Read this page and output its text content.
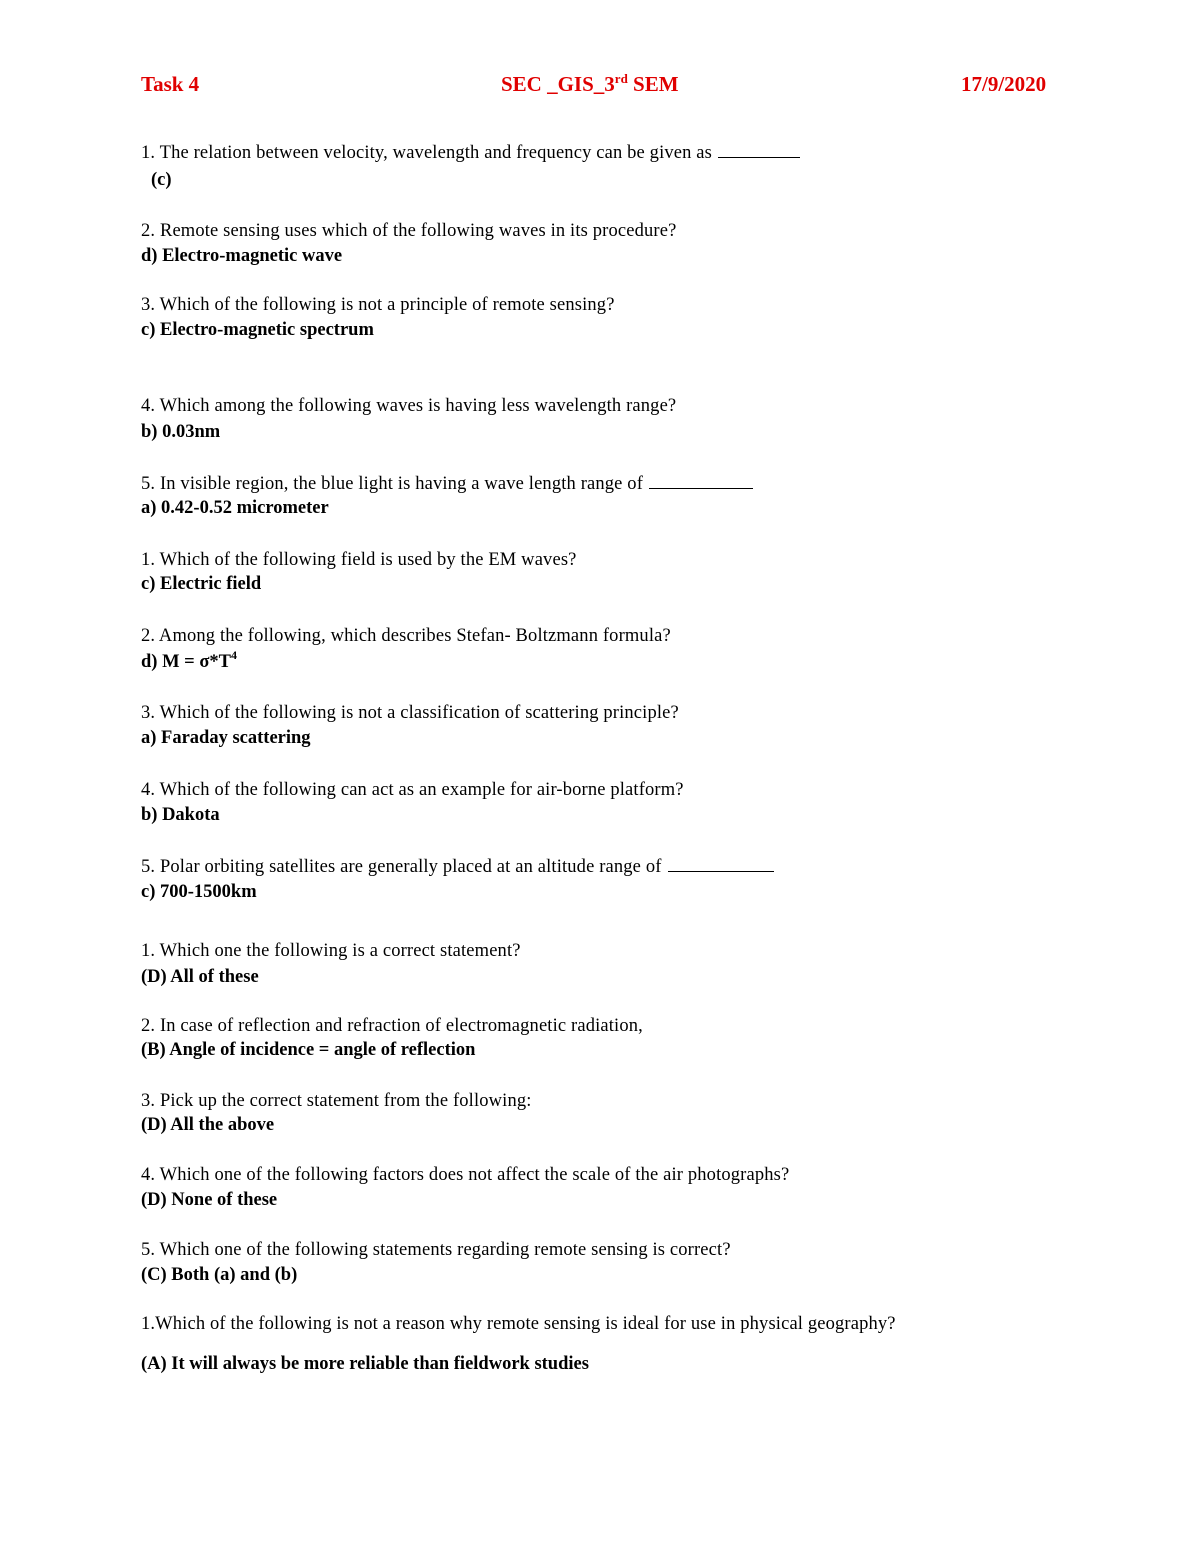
Task 4	SEC _GIS_3rd SEM	17/9/2020
1. The relation between velocity, wavelength and frequency can be given as
(c)
2. Remote sensing uses which of the following waves in its procedure?
d) Electro-magnetic wave
3. Which of the following is not a principle of remote sensing?
c) Electro-magnetic spectrum
4. Which among the following waves is having less wavelength range?
b) 0.03nm
5. In visible region, the blue light is having a wave length range of
a) 0.42-0.52 micrometer
1. Which of the following field is used by the EM waves?
c) Electric field
2. Among the following, which describes Stefan- Boltzmann formula?
d) $M = \sigma*T^4$
3. Which of the following is not a classification of scattering principle?
a) Faraday scattering
4. Which of the following can act as an example for air-borne platform?
b) Dakota
5. Polar orbiting satellites are generally placed at an altitude range of
c) 700-1500km
1. Which one the following is a correct statement?
(D) All of these
2. In case of reflection and refraction of electromagnetic radiation,
(B) Angle of incidence = angle of reflection
3. Pick up the correct statement from the following:
(D) All the above
4. Which one of the following factors does not affect the scale of the air photographs?
(D) None of these
5. Which one of the following statements regarding remote sensing is correct?
(C) Both (a) and (b)
1.Which of the following is not a reason why remote sensing is ideal for use in physical geography?
(A) It will always be more reliable than fieldwork studies
